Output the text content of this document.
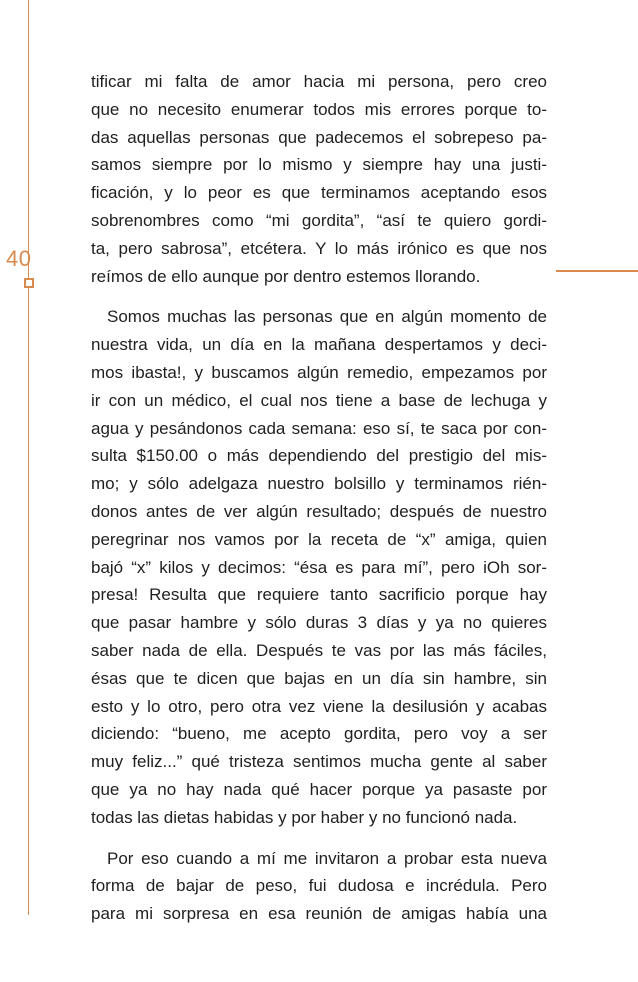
40
tificar mi falta de amor hacia mi persona, pero creo
que no necesito enumerar todos mis errores porque to-
das aquellas personas que padecemos el sobrepeso pa-
samos siempre por lo mismo y siempre hay una justi-
ficación, y lo peor es que terminamos aceptando esos
sobrenombres como “mi gordita”, “así te quiero gordi-
ta, pero sabrosa”, etcétera. Y lo más irónico es que nos
reímos de ello aunque por dentro estemos llorando.
Somos muchas las personas que en algún momento de
nuestra vida, un día en la mañana despertamos y deci-
mos ibasta!, y buscamos algún remedio, empezamos por
ir con un médico, el cual nos tiene a base de lechuga y
agua y pesándonos cada semana: eso sí, te saca por con-
sulta $150.00 o más dependiendo del prestigio del mis-
mo; y sólo adelgaza nuestro bolsillo y terminamos rién-
donos antes de ver algún resultado; después de nuestro
peregrinar nos vamos por la receta de “x” amiga, quien
bajó “x” kilos y decimos: “ésa es para mí”, pero iOh sor-
presa! Resulta que requiere tanto sacrificio porque hay
que pasar hambre y sólo duras 3 días y ya no quieres
saber nada de ella. Después te vas por las más fáciles,
ésas que te dicen que bajas en un día sin hambre, sin
esto y lo otro, pero otra vez viene la desilusión y acabas
diciendo: “bueno, me acepto gordita, pero voy a ser
muy feliz...” qué tristeza sentimos mucha gente al saber
que ya no hay nada qué hacer porque ya pasaste por
todas las dietas habidas y por haber y no funcionó nada.
Por eso cuando a mí me invitaron a probar esta nueva
forma de bajar de peso, fui dudosa e incrédula. Pero
para mi sorpresa en esa reunión de amigas había una
